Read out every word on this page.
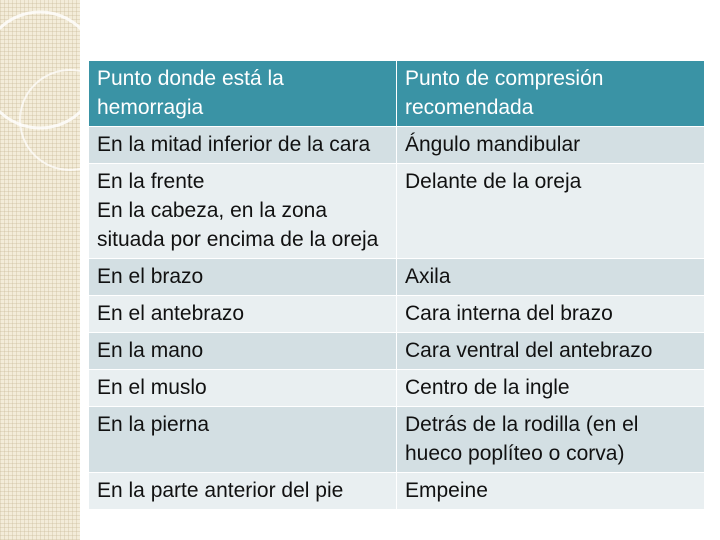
Punto donde está la hemorragia	Punto de compresión recomendada

En la mitad inferior de la cara	Ángulo mandibular

En la frente
En la cabeza, en la zona situada por encima de la oreja	Delante de la oreja

En el brazo	Axila

En el antebrazo	Cara interna del brazo

En la mano	Cara ventral del antebrazo

En el muslo	Centro de la ingle

En la pierna	Detrás de la rodilla (en el hueco poplíteo o corva)

En la parte anterior del pie	Empeine
